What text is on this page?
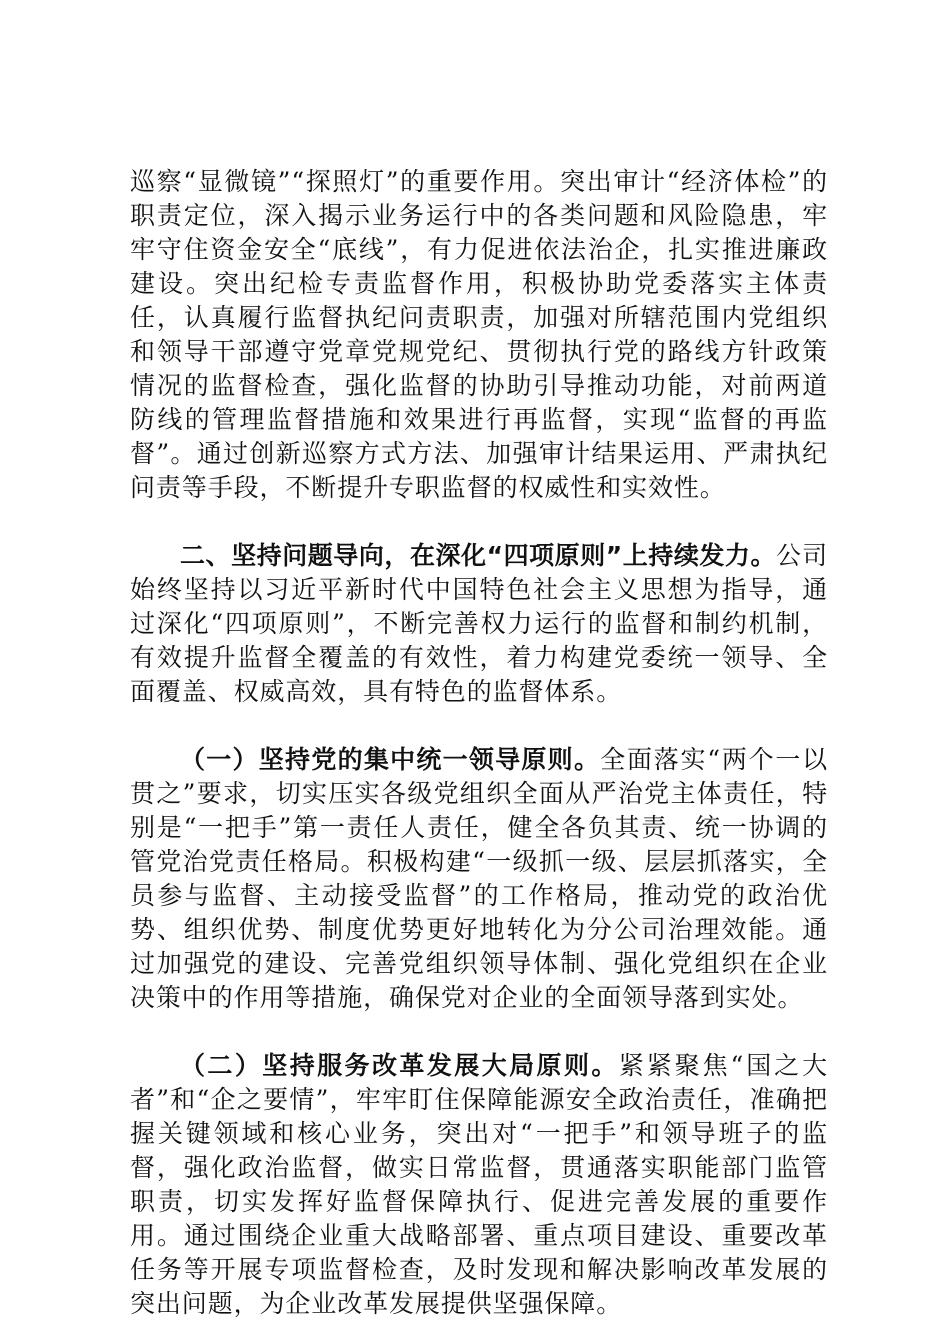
巡察“显微镜”“探照灯”的重要作用。突出审计“经济体检”的职责定位，深入揭示业务运行中的各类问题和风险隐患，牢牢守住资金安全“底线”，有力促进依法治企，扎实推进廉政建设。突出纪检专责监督作用，积极协助党委落实主体责任，认真履行监督执纪问责职责，加强对所辖范围内党组织和领导干部遵守党章党规党纪、贯彻执行党的路线方针政策情况的监督检查，强化监督的协助引导推动功能，对前两道防线的管理监督措施和效果进行再监督，实现“监督的再监督”。通过创新巡察方式方法、加强审计结果运用、严肃执纪问责等手段，不断提升专职监督的权威性和实效性。

二、坚持问题导向，在深化“四项原则”上持续发力。公司始终坚持以习近平新时代中国特色社会主义思想为指导，通过深化“四项原则”，不断完善权力运行的监督和制约机制，有效提升监督全覆盖的有效性，着力构建党委统一领导、全面覆盖、权威高效，具有特色的监督体系。

（一）坚持党的集中统一领导原则。全面落实“两个一以贯之”要求，切实压实各级党组织全面从严治党主体责任，特别是“一把手”第一责任人责任，健全各负其责、统一协调的管党治党责任格局。积极构建“一级抓一级、层层抓落实，全员参与监督、主动接受监督”的工作格局，推动党的政治优势、组织优势、制度优势更好地转化为分公司治理效能。通过加强党的建设、完善党组织领导体制、强化党组织在企业决策中的作用等措施，确保党对企业的全面领导落到实处。

（二）坚持服务改革发展大局原则。紧紧聚焦“国之大者”和“企之要情”，牢牢盯住保障能源安全政治责任，准确把握关键领域和核心业务，突出对“一把手”和领导班子的监督，强化政治监督，做实日常监督，贯通落实职能部门监管职责，切实发挥好监督保障执行、促进完善发展的重要作用。通过围绕企业重大战略部署、重点项目建设、重要改革任务等开展专项监督检查，及时发现和解决影响改革发展的突出问题，为企业改革发展提供坚强保障。
